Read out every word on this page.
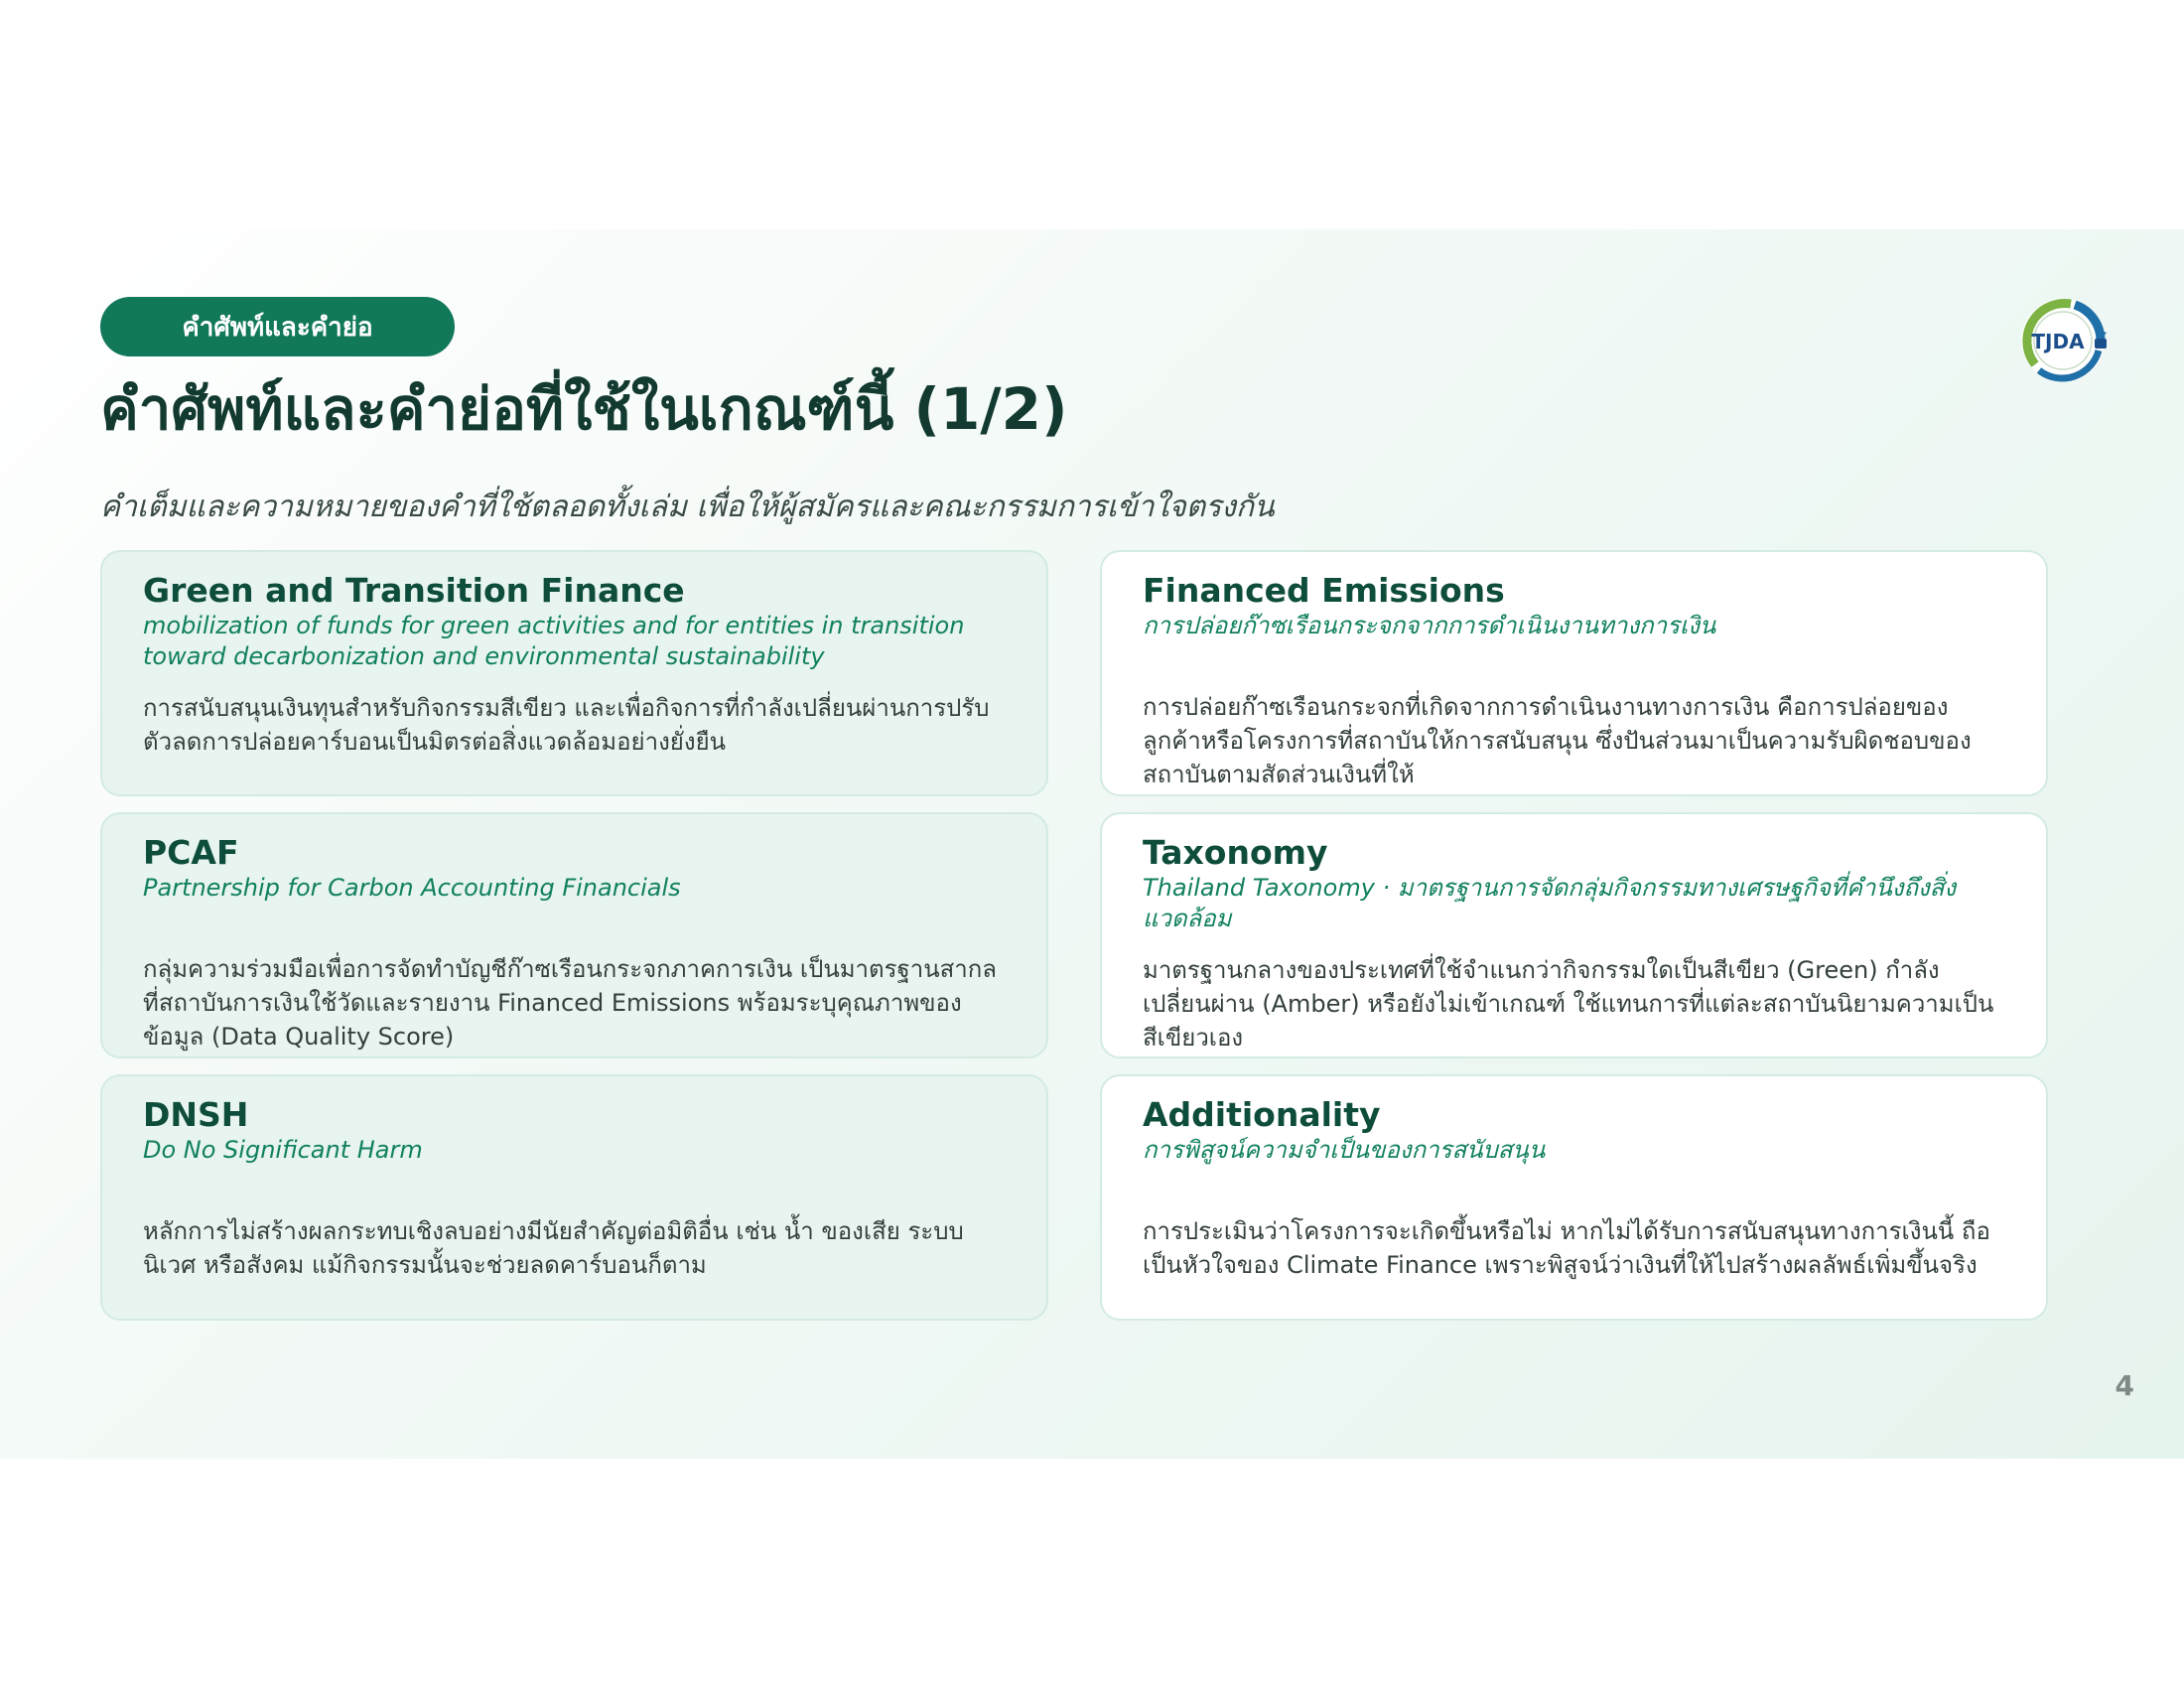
คำศัพท์และคำย่อ	TJDA
คำศัพท์และคำย่อที่ใช้ในเกณฑ์นี้ (1/2)
คำเต็มและความหมายของคำที่ใช้ตลอดทั้งเล่ม เพื่อให้ผู้สมัครและคณะกรรมการเข้าใจตรงกัน
Green and Transition Finance
mobilization of funds for green activities and for entities in transition toward decarbonization and environmental sustainability
การสนับสนุนเงินทุนสำหรับกิจกรรมสีเขียว และเพื่อกิจการที่กำลังเปลี่ยนผ่านการปรับตัวลดการปล่อยคาร์บอนเป็นมิตรต่อสิ่งแวดล้อมอย่างยั่งยืน
Financed Emissions
การปล่อยก๊าซเรือนกระจกจากการดำเนินงานทางการเงิน
การปล่อยก๊าซเรือนกระจกที่เกิดจากการดำเนินงานทางการเงิน คือการปล่อยของลูกค้าหรือโครงการที่สถาบันให้การสนับสนุน ซึ่งปันส่วนมาเป็นความรับผิดชอบของสถาบันตามสัดส่วนเงินที่ให้
PCAF
Partnership for Carbon Accounting Financials
กลุ่มความร่วมมือเพื่อการจัดทำบัญชีก๊าซเรือนกระจกภาคการเงิน เป็นมาตรฐานสากลที่สถาบันการเงินใช้วัดและรายงาน Financed Emissions พร้อมระบุคุณภาพของข้อมูล (Data Quality Score)
Taxonomy
Thailand Taxonomy · มาตรฐานการจัดกลุ่มกิจกรรมทางเศรษฐกิจที่คำนึงถึงสิ่งแวดล้อม
มาตรฐานกลางของประเทศที่ใช้จำแนกว่ากิจกรรมใดเป็นสีเขียว (Green) กำลังเปลี่ยนผ่าน (Amber) หรือยังไม่เข้าเกณฑ์ ใช้แทนการที่แต่ละสถาบันนิยามความเป็นสีเขียวเอง
DNSH
Do No Significant Harm
หลักการไม่สร้างผลกระทบเชิงลบอย่างมีนัยสำคัญต่อมิติอื่น เช่น น้ำ ของเสีย ระบบนิเวศ หรือสังคม แม้กิจกรรมนั้นจะช่วยลดคาร์บอนก็ตาม
Additionality
การพิสูจน์ความจำเป็นของการสนับสนุน
การประเมินว่าโครงการจะเกิดขึ้นหรือไม่ หากไม่ได้รับการสนับสนุนทางการเงินนี้ ถือเป็นหัวใจของ Climate Finance เพราะพิสูจน์ว่าเงินที่ให้ไปสร้างผลลัพธ์เพิ่มขึ้นจริง
4
